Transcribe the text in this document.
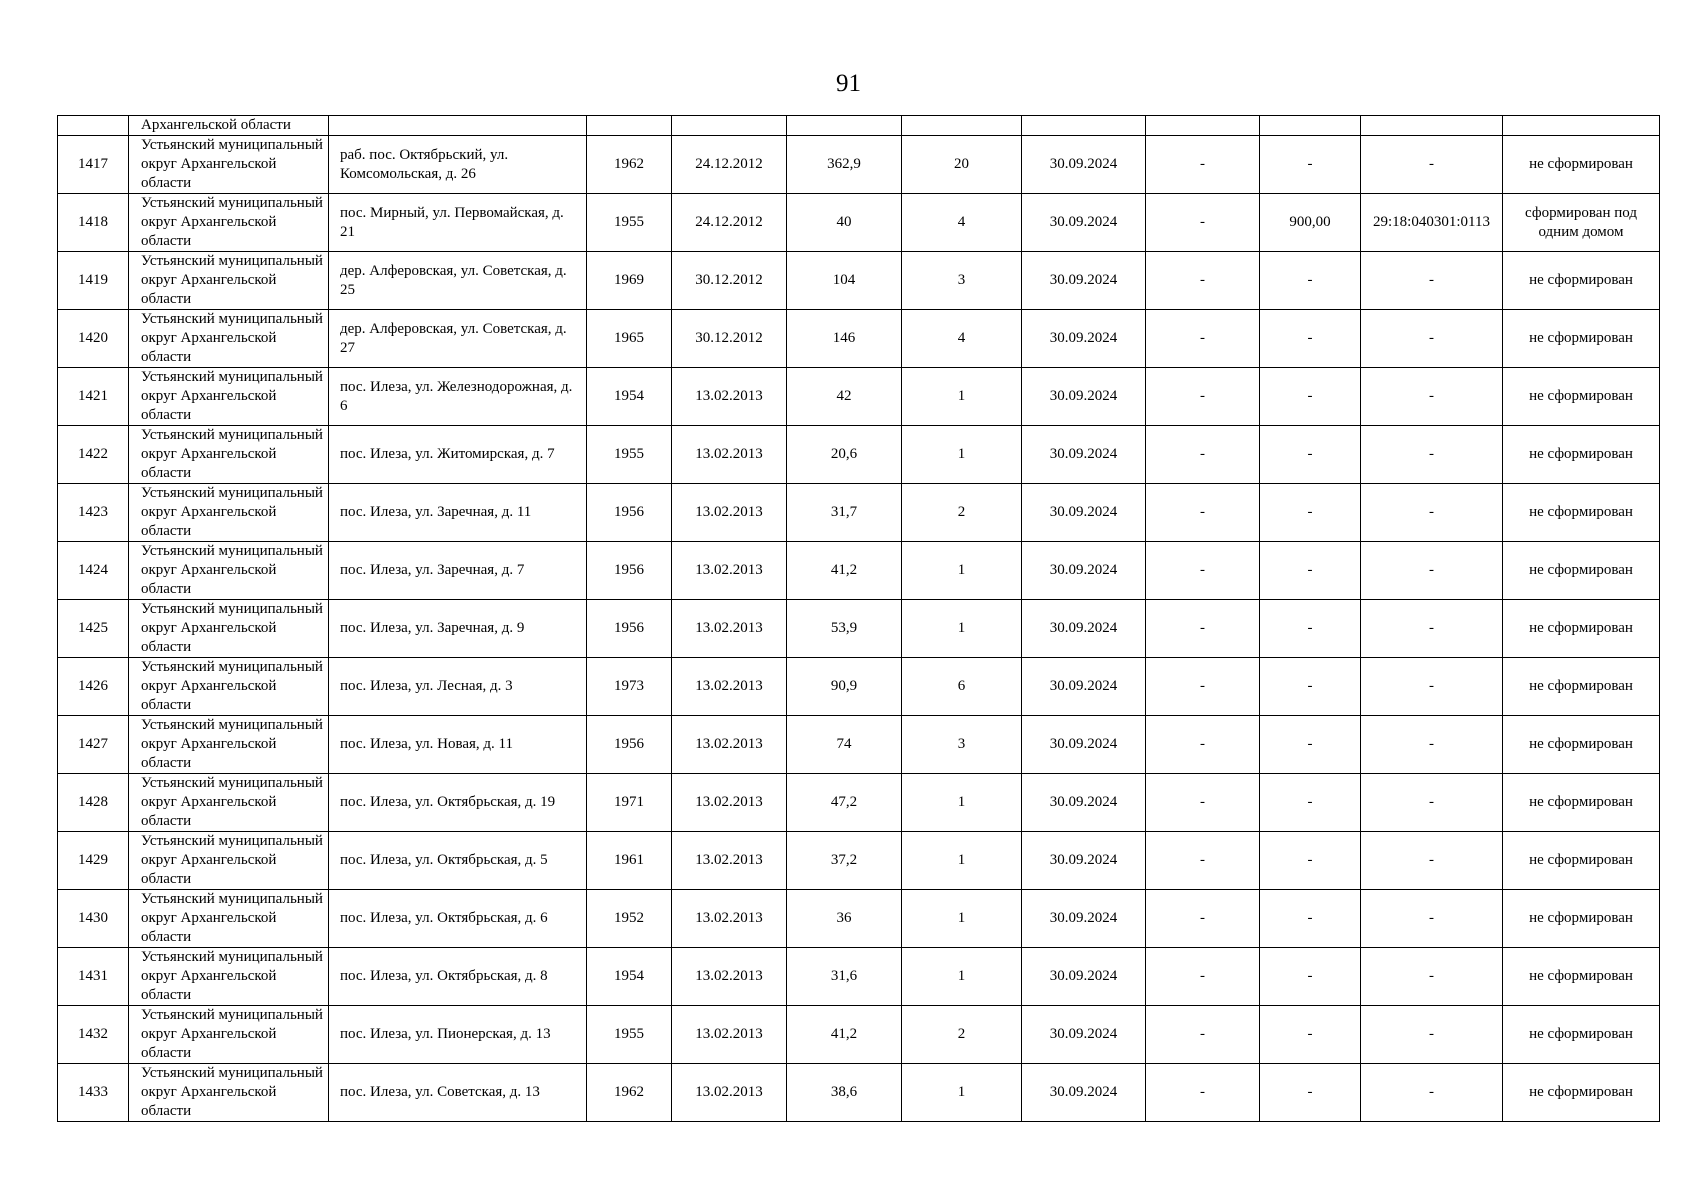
91
	Архангельской области										
1417	Устьянский муниципальный округ Архангельской области	раб. пос. Октябрьский, ул. Комсомольская, д. 26	1962	24.12.2012	362,9	20	30.09.2024	-	-	-	не сформирован
1418	Устьянский муниципальный округ Архангельской области	пос. Мирный, ул. Первомайская, д. 21	1955	24.12.2012	40	4	30.09.2024	-	900,00	29:18:040301:0113	сформирован под одним домом
1419	Устьянский муниципальный округ Архангельской области	дер. Алферовская, ул. Советская, д. 25	1969	30.12.2012	104	3	30.09.2024	-	-	-	не сформирован
1420	Устьянский муниципальный округ Архангельской области	дер. Алферовская, ул. Советская, д. 27	1965	30.12.2012	146	4	30.09.2024	-	-	-	не сформирован
1421	Устьянский муниципальный округ Архангельской области	пос. Илеза, ул. Железнодорожная, д. 6	1954	13.02.2013	42	1	30.09.2024	-	-	-	не сформирован
1422	Устьянский муниципальный округ Архангельской области	пос. Илеза, ул. Житомирская, д. 7	1955	13.02.2013	20,6	1	30.09.2024	-	-	-	не сформирован
1423	Устьянский муниципальный округ Архангельской области	пос. Илеза, ул. Заречная, д. 11	1956	13.02.2013	31,7	2	30.09.2024	-	-	-	не сформирован
1424	Устьянский муниципальный округ Архангельской области	пос. Илеза, ул. Заречная, д. 7	1956	13.02.2013	41,2	1	30.09.2024	-	-	-	не сформирован
1425	Устьянский муниципальный округ Архангельской области	пос. Илеза, ул. Заречная, д. 9	1956	13.02.2013	53,9	1	30.09.2024	-	-	-	не сформирован
1426	Устьянский муниципальный округ Архангельской области	пос. Илеза, ул. Лесная, д. 3	1973	13.02.2013	90,9	6	30.09.2024	-	-	-	не сформирован
1427	Устьянский муниципальный округ Архангельской области	пос. Илеза, ул. Новая, д. 11	1956	13.02.2013	74	3	30.09.2024	-	-	-	не сформирован
1428	Устьянский муниципальный округ Архангельской области	пос. Илеза, ул. Октябрьская, д. 19	1971	13.02.2013	47,2	1	30.09.2024	-	-	-	не сформирован
1429	Устьянский муниципальный округ Архангельской области	пос. Илеза, ул. Октябрьская, д. 5	1961	13.02.2013	37,2	1	30.09.2024	-	-	-	не сформирован
1430	Устьянский муниципальный округ Архангельской области	пос. Илеза, ул. Октябрьская, д. 6	1952	13.02.2013	36	1	30.09.2024	-	-	-	не сформирован
1431	Устьянский муниципальный округ Архангельской области	пос. Илеза, ул. Октябрьская, д. 8	1954	13.02.2013	31,6	1	30.09.2024	-	-	-	не сформирован
1432	Устьянский муниципальный округ Архангельской области	пос. Илеза, ул. Пионерская, д. 13	1955	13.02.2013	41,2	2	30.09.2024	-	-	-	не сформирован
1433	Устьянский муниципальный округ Архангельской области	пос. Илеза, ул. Советская, д. 13	1962	13.02.2013	38,6	1	30.09.2024	-	-	-	не сформирован
